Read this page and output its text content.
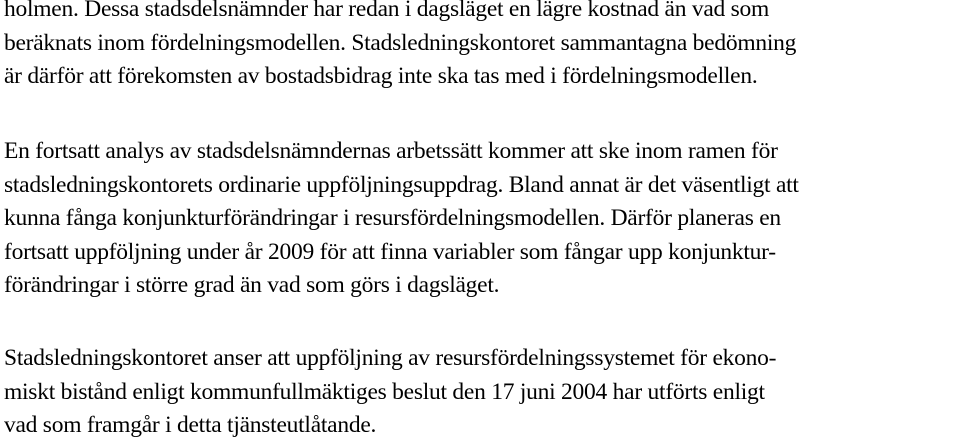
holmen. Dessa stadsdelsnämnder har redan i dagsläget en lägre kostnad än vad som
beräknats inom fördelningsmodellen. Stadsledningskontoret sammantagna bedömning
är därför att förekomsten av bostadsbidrag inte ska tas med i fördelningsmodellen.

En fortsatt analys av stadsdelsnämndernas arbetssätt kommer att ske inom ramen för
stadsledningskontorets ordinarie uppföljningsuppdrag. Bland annat är det väsentligt att
kunna fånga konjunkturförändringar i resursfördelningsmodellen. Därför planeras en
fortsatt uppföljning under år 2009 för att finna variabler som fångar upp konjunktur-
förändringar i större grad än vad som görs i dagsläget.

Stadsledningskontoret anser att uppföljning av resursfördelningssystemet för ekono-
miskt bistånd enligt kommunfullmäktiges beslut den 17 juni 2004 har utförts enligt
vad som framgår i detta tjänsteutlåtande.
